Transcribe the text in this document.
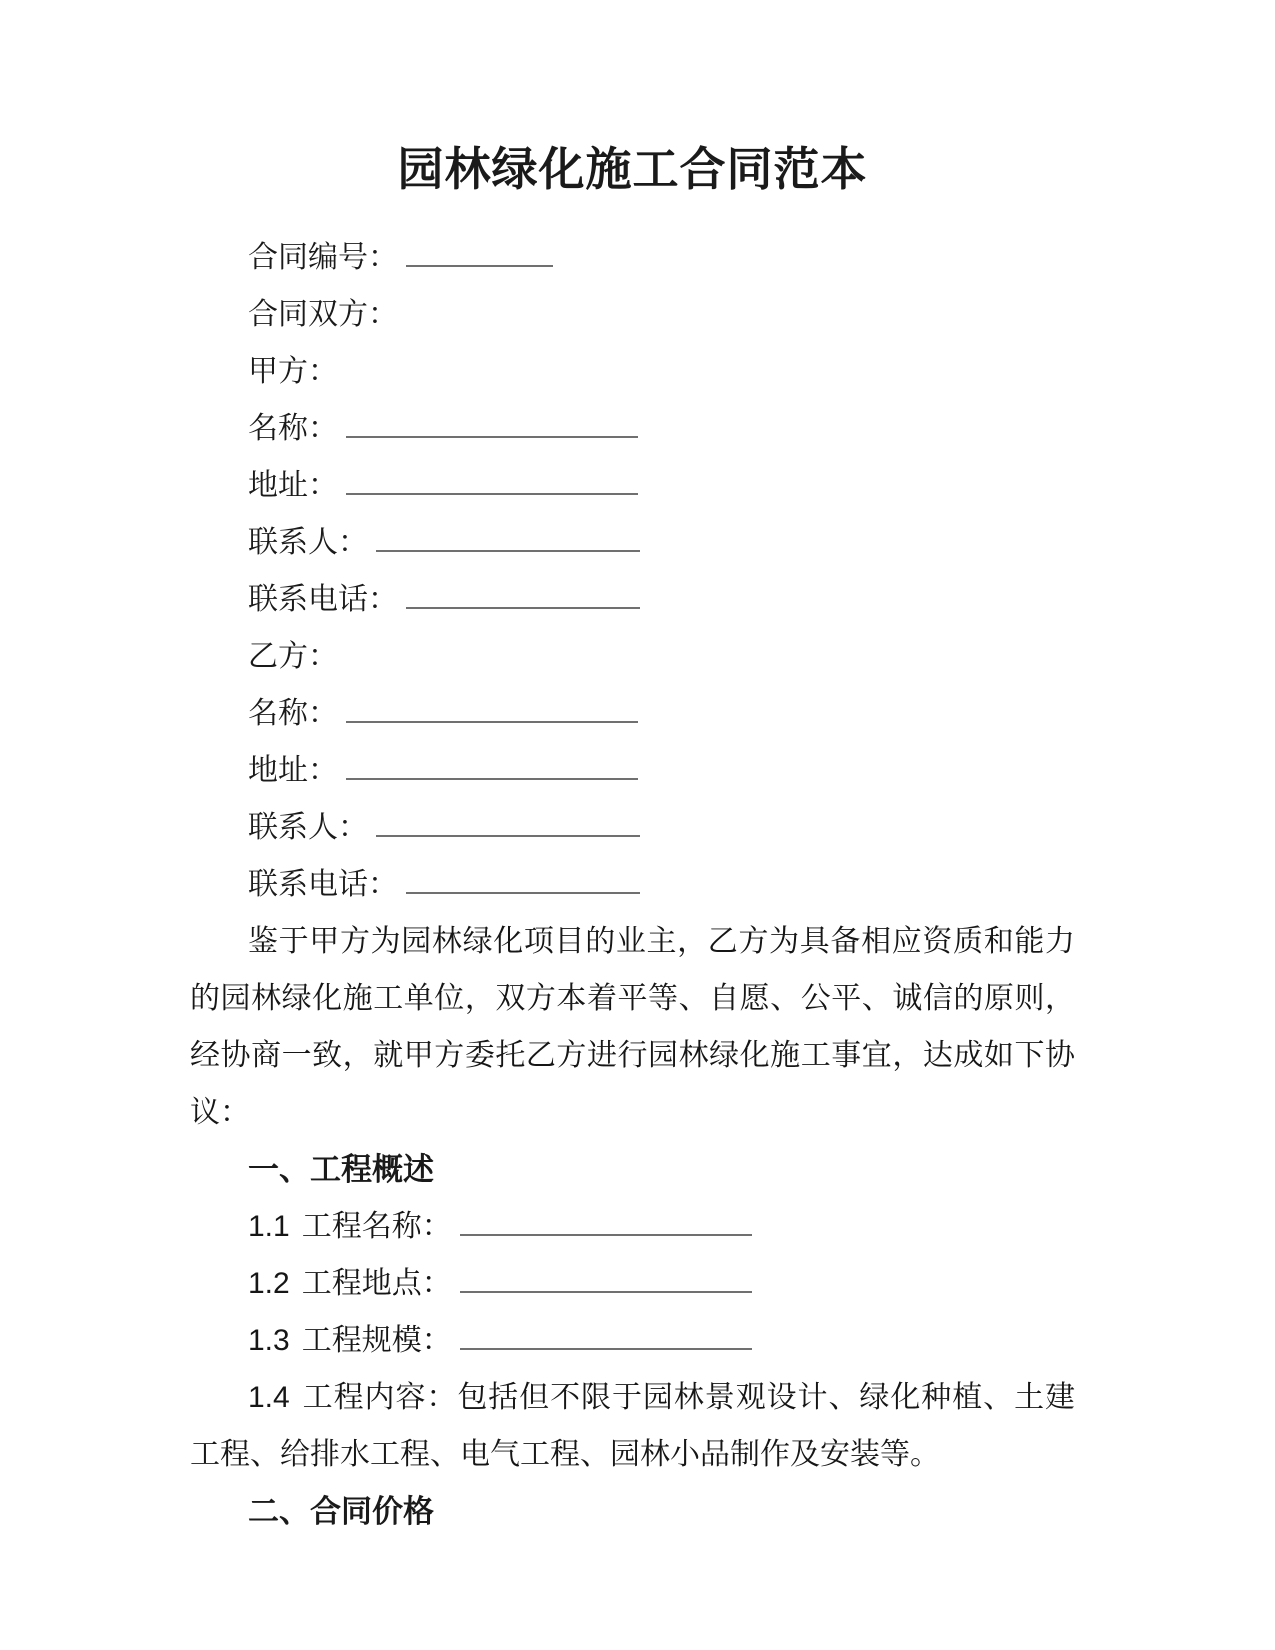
园林绿化施工合同范本
合同编号：
合同双方：
甲方：
名称：
地址：
联系人：
联系电话：
乙方：
名称：
地址：
联系人：
联系电话：

鉴于甲方为园林绿化项目的业主，乙方为具备相应资质和能力的园林绿化施工单位，双方本着平等、自愿、公平、诚信的原则，经协商一致，就甲方委托乙方进行园林绿化施工事宜，达成如下协议：

一、工程概述
1.1 工程名称：
1.2 工程地点：
1.3 工程规模：

1.4 工程内容：包括但不限于园林景观设计、绿化种植、土建工程、给排水工程、电气工程、园林小品制作及安装等。

二、合同价格
